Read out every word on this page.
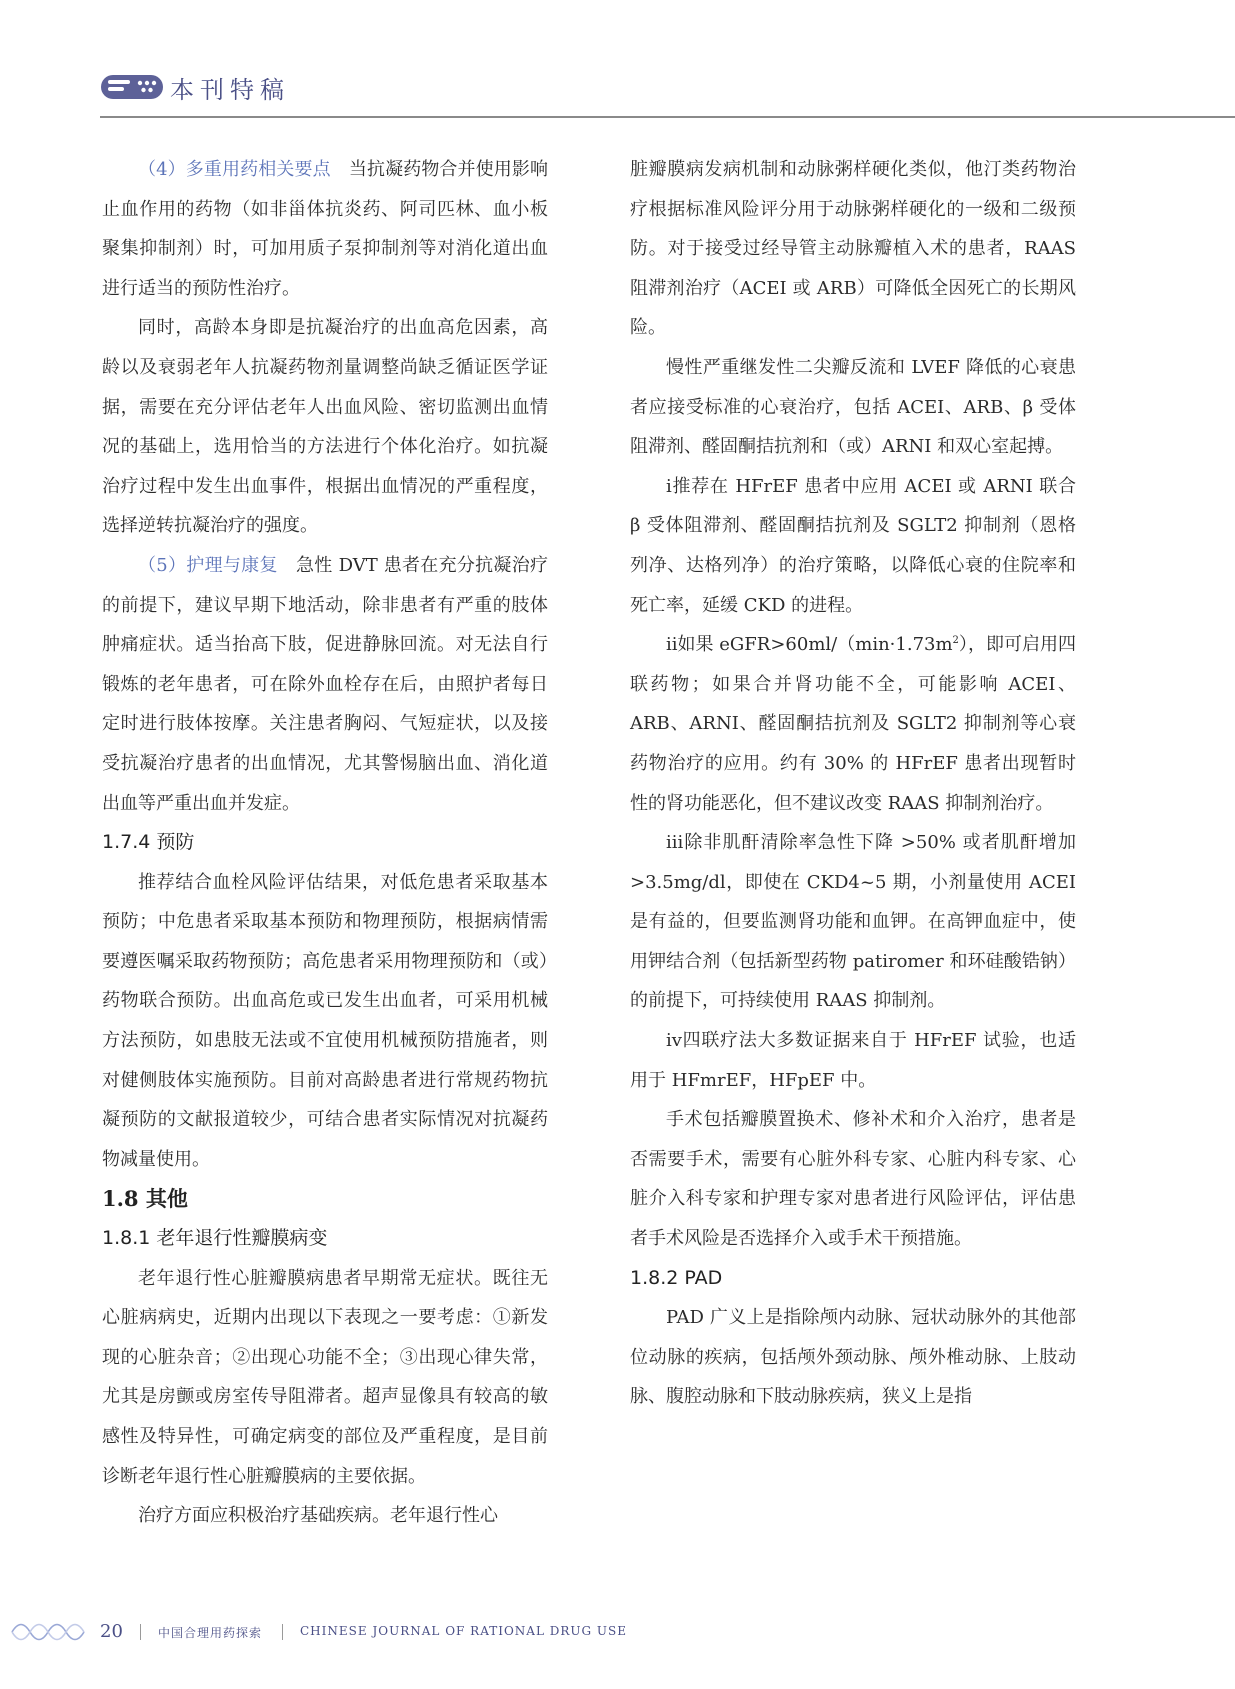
本刊特稿

（4）多重用药相关要点　当抗凝药物合并使用影响止血作用的药物（如非甾体抗炎药、阿司匹林、血小板聚集抑制剂）时，可加用质子泵抑制剂等对消化道出血进行适当的预防性治疗。

同时，高龄本身即是抗凝治疗的出血高危因素，高龄以及衰弱老年人抗凝药物剂量调整尚缺乏循证医学证据，需要在充分评估老年人出血风险、密切监测出血情况的基础上，选用恰当的方法进行个体化治疗。如抗凝治疗过程中发生出血事件，根据出血情况的严重程度，选择逆转抗凝治疗的强度。

（5）护理与康复　急性 DVT 患者在充分抗凝治疗的前提下，建议早期下地活动，除非患者有严重的肢体肿痛症状。适当抬高下肢，促进静脉回流。对无法自行锻炼的老年患者，可在除外血栓存在后，由照护者每日定时进行肢体按摩。关注患者胸闷、气短症状，以及接受抗凝治疗患者的出血情况，尤其警惕脑出血、消化道出血等严重出血并发症。

1.7.4 预防

推荐结合血栓风险评估结果，对低危患者采取基本预防；中危患者采取基本预防和物理预防，根据病情需要遵医嘱采取药物预防；高危患者采用物理预防和（或）药物联合预防。出血高危或已发生出血者，可采用机械方法预防，如患肢无法或不宜使用机械预防措施者，则对健侧肢体实施预防。目前对高龄患者进行常规药物抗凝预防的文献报道较少，可结合患者实际情况对抗凝药物减量使用。

1.8 其他

1.8.1 老年退行性瓣膜病变

老年退行性心脏瓣膜病患者早期常无症状。既往无心脏病病史，近期内出现以下表现之一要考虑：①新发现的心脏杂音；②出现心功能不全；③出现心律失常，尤其是房颤或房室传导阻滞者。超声显像具有较高的敏感性及特异性，可确定病变的部位及严重程度，是目前诊断老年退行性心脏瓣膜病的主要依据。

治疗方面应积极治疗基础疾病。老年退行性心

脏瓣膜病发病机制和动脉粥样硬化类似，他汀类药物治疗根据标准风险评分用于动脉粥样硬化的一级和二级预防。对于接受过经导管主动脉瓣植入术的患者，RAAS 阻滞剂治疗（ACEI 或 ARB）可降低全因死亡的长期风险。

慢性严重继发性二尖瓣反流和 LVEF 降低的心衰患者应接受标准的心衰治疗，包括 ACEI、ARB、β 受体阻滞剂、醛固酮拮抗剂和（或）ARNI 和双心室起搏。

ⅰ推荐在 HFrEF 患者中应用 ACEI 或 ARNI 联合 β 受体阻滞剂、醛固酮拮抗剂及 SGLT2 抑制剂（恩格列净、达格列净）的治疗策略，以降低心衰的住院率和死亡率，延缓 CKD 的进程。

ⅱ如果 $eGFR>60ml/(\min\cdot 1.73m^2)$，即可启用四联药物；如果合并肾功能不全，可能影响 ACEI、ARB、ARNI、醛固酮拮抗剂及 SGLT2 抑制剂等心衰药物治疗的应用。约有 30% 的 HFrEF 患者出现暂时性的肾功能恶化，但不建议改变 RAAS 抑制剂治疗。

ⅲ除非肌酐清除率急性下降 >50% 或者肌酐增加 >3.5mg/dl，即使在 CKD4~5 期，小剂量使用 ACEI 是有益的，但要监测肾功能和血钾。在高钾血症中，使用钾结合剂（包括新型药物 patiromer 和环硅酸锆钠）的前提下，可持续使用 RAAS 抑制剂。

ⅳ四联疗法大多数证据来自于 HFrEF 试验，也适用于 HFmrEF，HFpEF 中。

手术包括瓣膜置换术、修补术和介入治疗，患者是否需要手术，需要有心脏外科专家、心脏内科专家、心脏介入科专家和护理专家对患者进行风险评估，评估患者手术风险是否选择介入或手术干预措施。

1.8.2 PAD

PAD 广义上是指除颅内动脉、冠状动脉外的其他部位动脉的疾病，包括颅外颈动脉、颅外椎动脉、上肢动脉、腹腔动脉和下肢动脉疾病，狭义上是指

20	中国合理用药探索	CHINESE JOURNAL OF RATIONAL DRUG USE
